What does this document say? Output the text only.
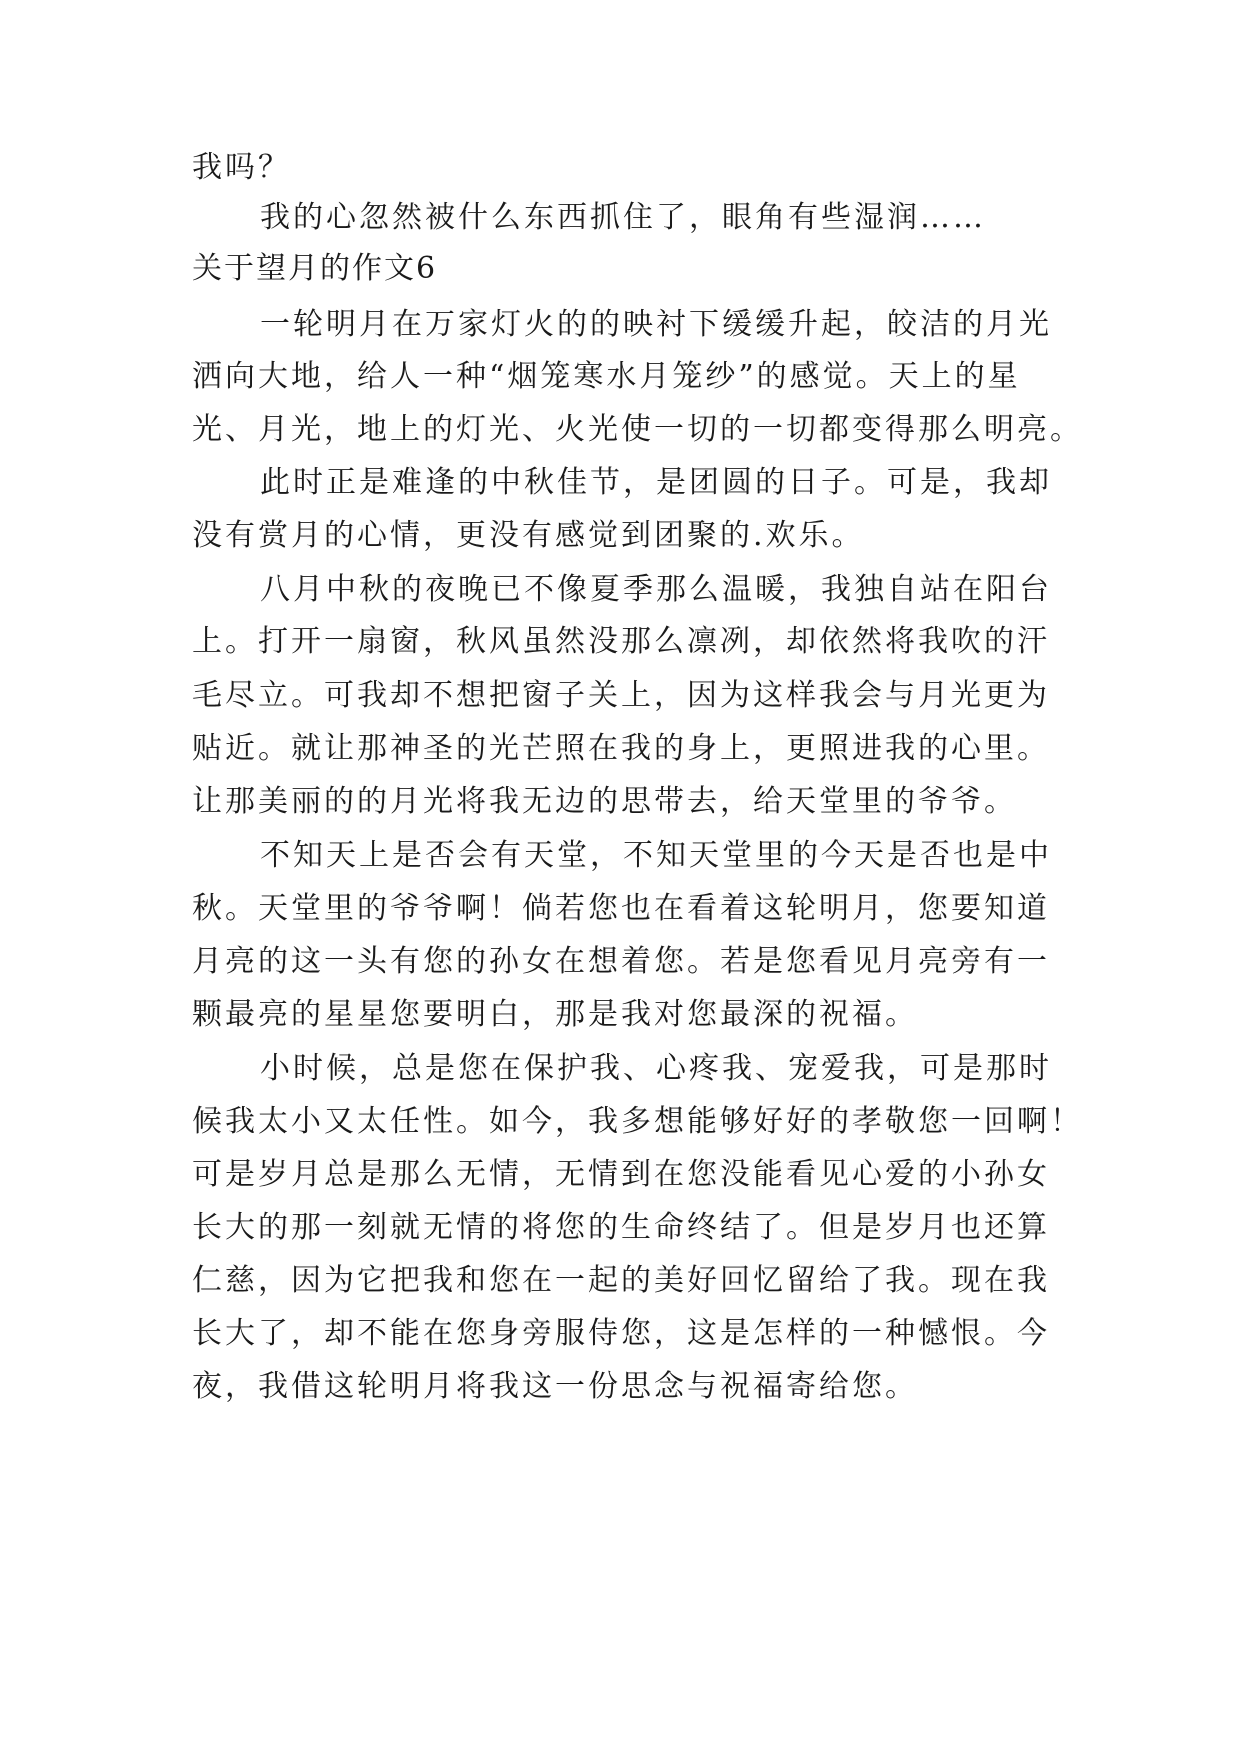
我吗？
我的心忽然被什么东西抓住了，眼角有些湿润……
关于望月的作文6
一轮明月在万家灯火的的映衬下缓缓升起，皎洁的月光
洒向大地，给人一种“烟笼寒水月笼纱”的感觉。天上的星
光、月光，地上的灯光、火光使一切的一切都变得那么明亮。
此时正是难逢的中秋佳节，是团圆的日子。可是，我却
没有赏月的心情，更没有感觉到团聚的.欢乐。
八月中秋的夜晚已不像夏季那么温暖，我独自站在阳台
上。打开一扇窗，秋风虽然没那么凛冽，却依然将我吹的汗
毛尽立。可我却不想把窗子关上，因为这样我会与月光更为
贴近。就让那神圣的光芒照在我的身上，更照进我的心里。
让那美丽的的月光将我无边的思带去，给天堂里的爷爷。
不知天上是否会有天堂，不知天堂里的今天是否也是中
秋。天堂里的爷爷啊！倘若您也在看着这轮明月，您要知道
月亮的这一头有您的孙女在想着您。若是您看见月亮旁有一
颗最亮的星星您要明白，那是我对您最深的祝福。
小时候，总是您在保护我、心疼我、宠爱我，可是那时
候我太小又太任性。如今，我多想能够好好的孝敬您一回啊！
可是岁月总是那么无情，无情到在您没能看见心爱的小孙女
长大的那一刻就无情的将您的生命终结了。但是岁月也还算
仁慈，因为它把我和您在一起的美好回忆留给了我。现在我
长大了，却不能在您身旁服侍您，这是怎样的一种憾恨。今
夜，我借这轮明月将我这一份思念与祝福寄给您。
